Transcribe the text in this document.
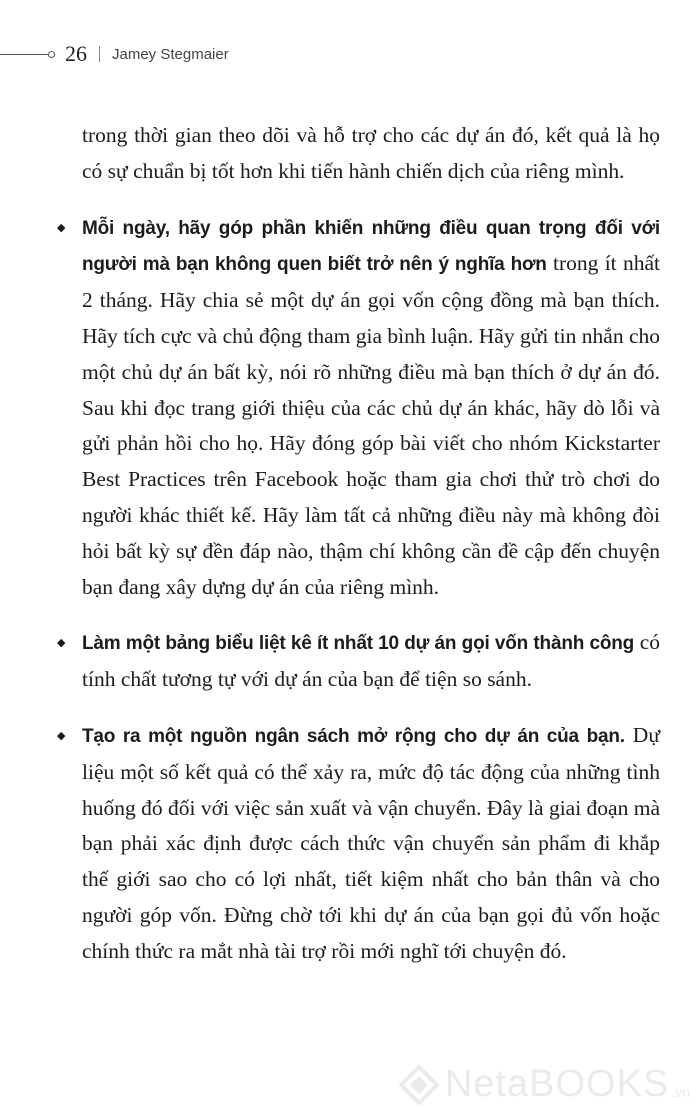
26 Jamey Stegmaier

trong thời gian theo dõi và hỗ trợ cho các dự án đó, kết quả là họ có sự chuẩn bị tốt hơn khi tiến hành chiến dịch của riêng mình.

◆ Mỗi ngày, hãy góp phần khiến những điều quan trọng đối với người mà bạn không quen biết trở nên ý nghĩa hơn trong ít nhất 2 tháng. Hãy chia sẻ một dự án gọi vốn cộng đồng mà bạn thích. Hãy tích cực và chủ động tham gia bình luận. Hãy gửi tin nhắn cho một chủ dự án bất kỳ, nói rõ những điều mà bạn thích ở dự án đó. Sau khi đọc trang giới thiệu của các chủ dự án khác, hãy dò lỗi và gửi phản hồi cho họ. Hãy đóng góp bài viết cho nhóm Kickstarter Best Practices trên Facebook hoặc tham gia chơi thử trò chơi do người khác thiết kế. Hãy làm tất cả những điều này mà không đòi hỏi bất kỳ sự đền đáp nào, thậm chí không cần đề cập đến chuyện bạn đang xây dựng dự án của riêng mình.

◆ Làm một bảng biểu liệt kê ít nhất 10 dự án gọi vốn thành công có tính chất tương tự với dự án của bạn để tiện so sánh.

◆ Tạo ra một nguồn ngân sách mở rộng cho dự án của bạn. Dự liệu một số kết quả có thể xảy ra, mức độ tác động của những tình huống đó đối với việc sản xuất và vận chuyển. Đây là giai đoạn mà bạn phải xác định được cách thức vận chuyển sản phẩm đi khắp thế giới sao cho có lợi nhất, tiết kiệm nhất cho bản thân và cho người góp vốn. Đừng chờ tới khi dự án của bạn gọi đủ vốn hoặc chính thức ra mắt nhà tài trợ rồi mới nghĩ tới chuyện đó.

NetaBOOKS .vn
